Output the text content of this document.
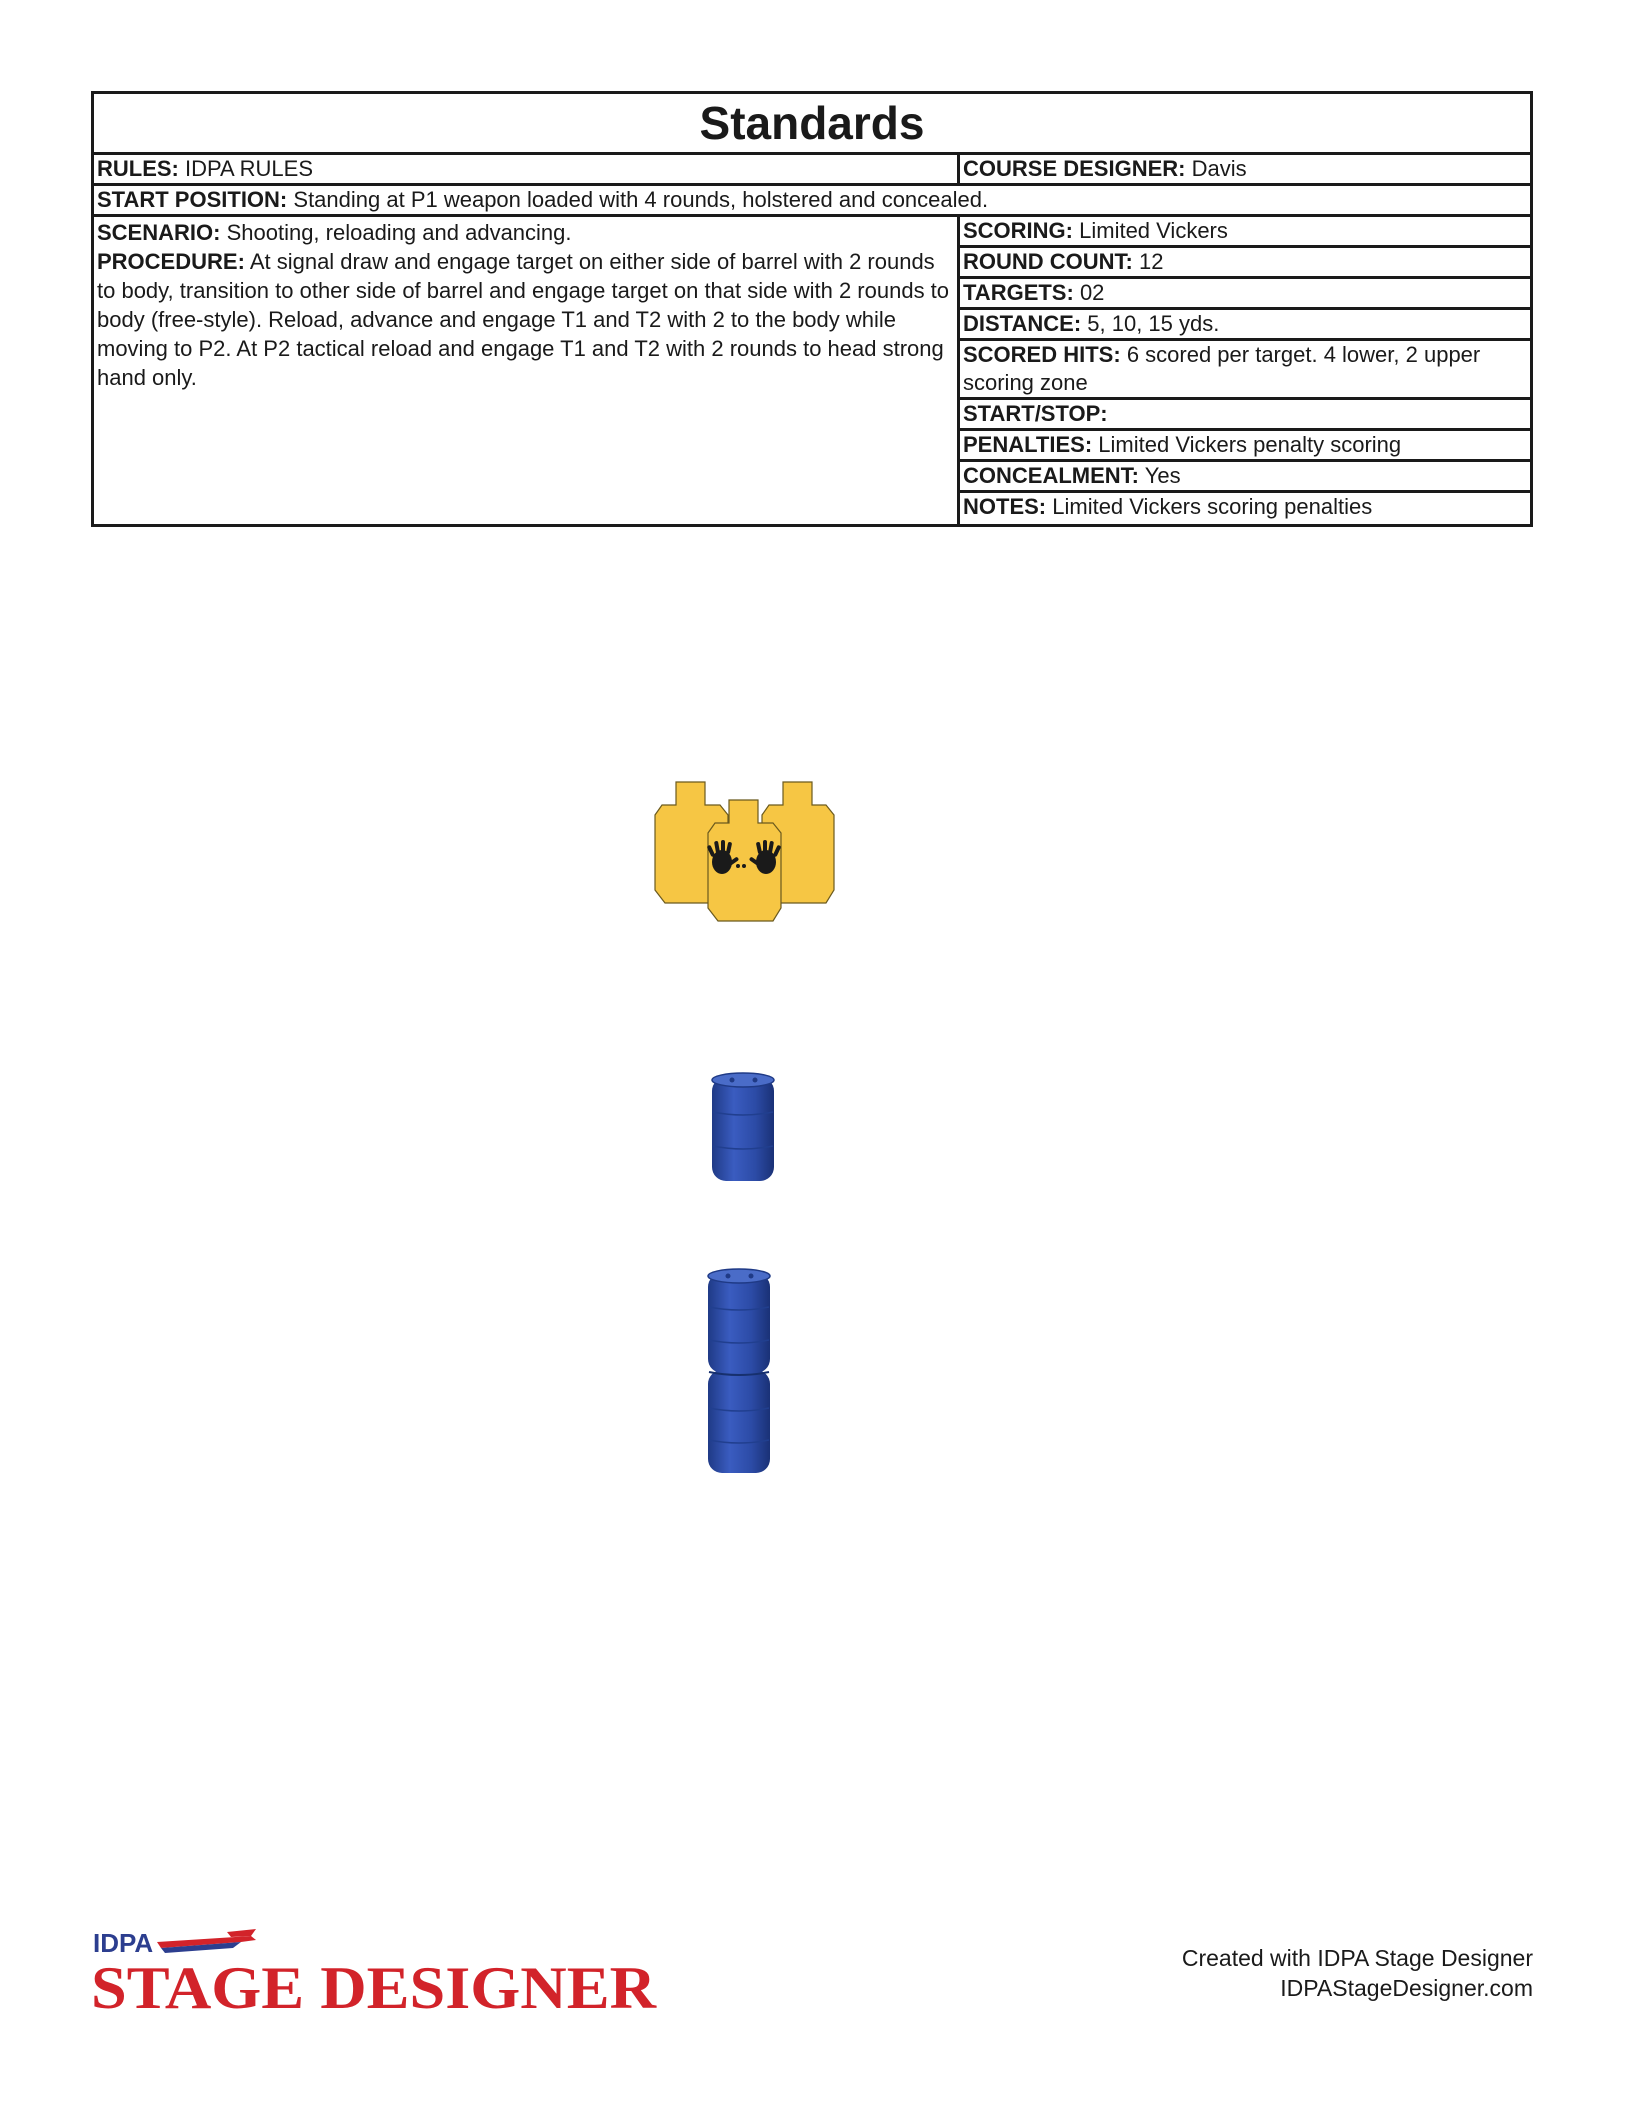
Standards
RULES: IDPA RULES	COURSE DESIGNER: Davis
START POSITION: Standing at P1 weapon loaded with 4 rounds, holstered and concealed.
SCENARIO: Shooting, reloading and advancing.
PROCEDURE: At signal draw and engage target on either side of barrel with 2 rounds to body, transition to other side of barrel and engage target on that side with 2 rounds to body (free-style). Reload, advance and engage T1 and T2 with 2 to the body while moving to P2. At P2 tactical reload and engage T1 and T2 with 2 rounds to head strong hand only.
SCORING: Limited Vickers
ROUND COUNT: 12
TARGETS: 02
DISTANCE: 5, 10, 15 yds.
SCORED HITS: 6 scored per target. 4 lower, 2 upper scoring zone
START/STOP:
PENALTIES: Limited Vickers penalty scoring
CONCEALMENT: Yes
NOTES: Limited Vickers scoring penalties
IDPA
STAGE DESIGNER	Created with IDPA Stage Designer
IDPAStageDesigner.com
